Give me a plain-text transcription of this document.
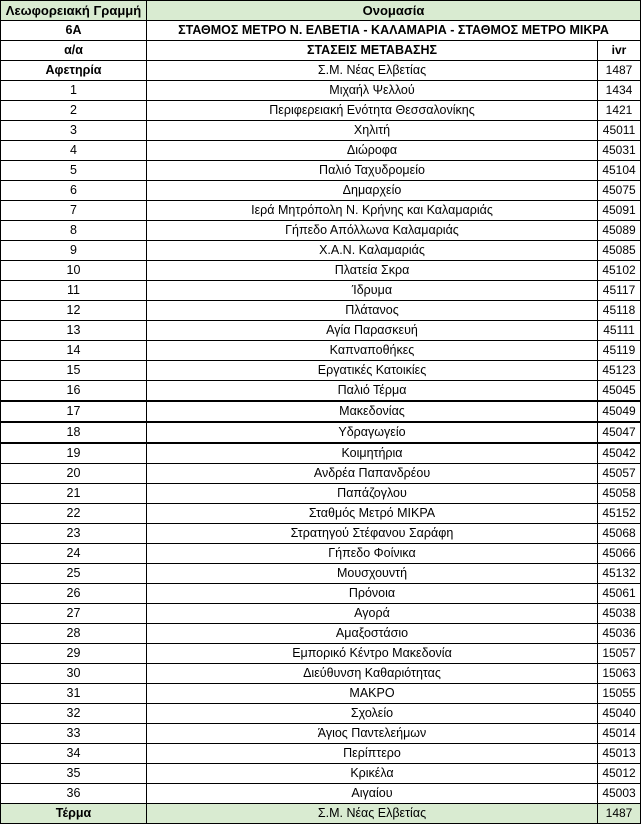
Λεωφορειακή Γραμμή	Ονομασία	
6Α	ΣΤΑΘΜΟΣ ΜΕΤΡΟ Ν. ΕΛΒΕΤΙΑ - ΚΑΛΑΜΑΡΙΑ - ΣΤΑΘΜΟΣ ΜΕΤΡΟ ΜΙΚΡΑ	
α/α	ΣΤΑΣΕΙΣ ΜΕΤΑΒΑΣΗΣ	ivr
Αφετηρία	Σ.Μ. Νέας Ελβετίας	1487
1	Μιχαήλ Ψελλού	1434
2	Περιφερειακή Ενότητα Θεσσαλονίκης	1421
3	Χηλιτή	45011
4	Διώροφα	45031
5	Παλιό Ταχυδρομείο	45104
6	Δημαρχείο	45075
7	Ιερά Μητρόπολη Ν. Κρήνης και Καλαμαριάς	45091
8	Γήπεδο Απόλλωνα Καλαμαριάς	45089
9	Χ.Α.Ν. Καλαμαριάς	45085
10	Πλατεία Σκρα	45102
11	Ίδρυμα	45117
12	Πλάτανος	45118
13	Αγία Παρασκευή	45111
14	Καπναποθήκες	45119
15	Εργατικές Κατοικίες	45123
16	Παλιό Τέρμα	45045
17	Μακεδονίας	45049
18	Υδραγωγείο	45047
19	Κοιμητήρια	45042
20	Ανδρέα Παπανδρέου	45057
21	Παπάζογλου	45058
22	Σταθμός Μετρό ΜΙΚΡΑ	45152
23	Στρατηγού Στέφανου Σαράφη	45068
24	Γήπεδο Φοίνικα	45066
25	Μουσχουντή	45132
26	Πρόνοια	45061
27	Αγορά	45038
28	Αμαξοστάσιο	45036
29	Εμπορικό Κέντρο Μακεδονία	15057
30	Διεύθυνση Καθαριότητας	15063
31	ΜΑΚΡΟ	15055
32	Σχολείο	45040
33	Άγιος Παντελεήμων	45014
34	Περίπτερο	45013
35	Κρικέλα	45012
36	Αιγαίου	45003
Τέρμα	Σ.Μ. Νέας Ελβετίας	1487
